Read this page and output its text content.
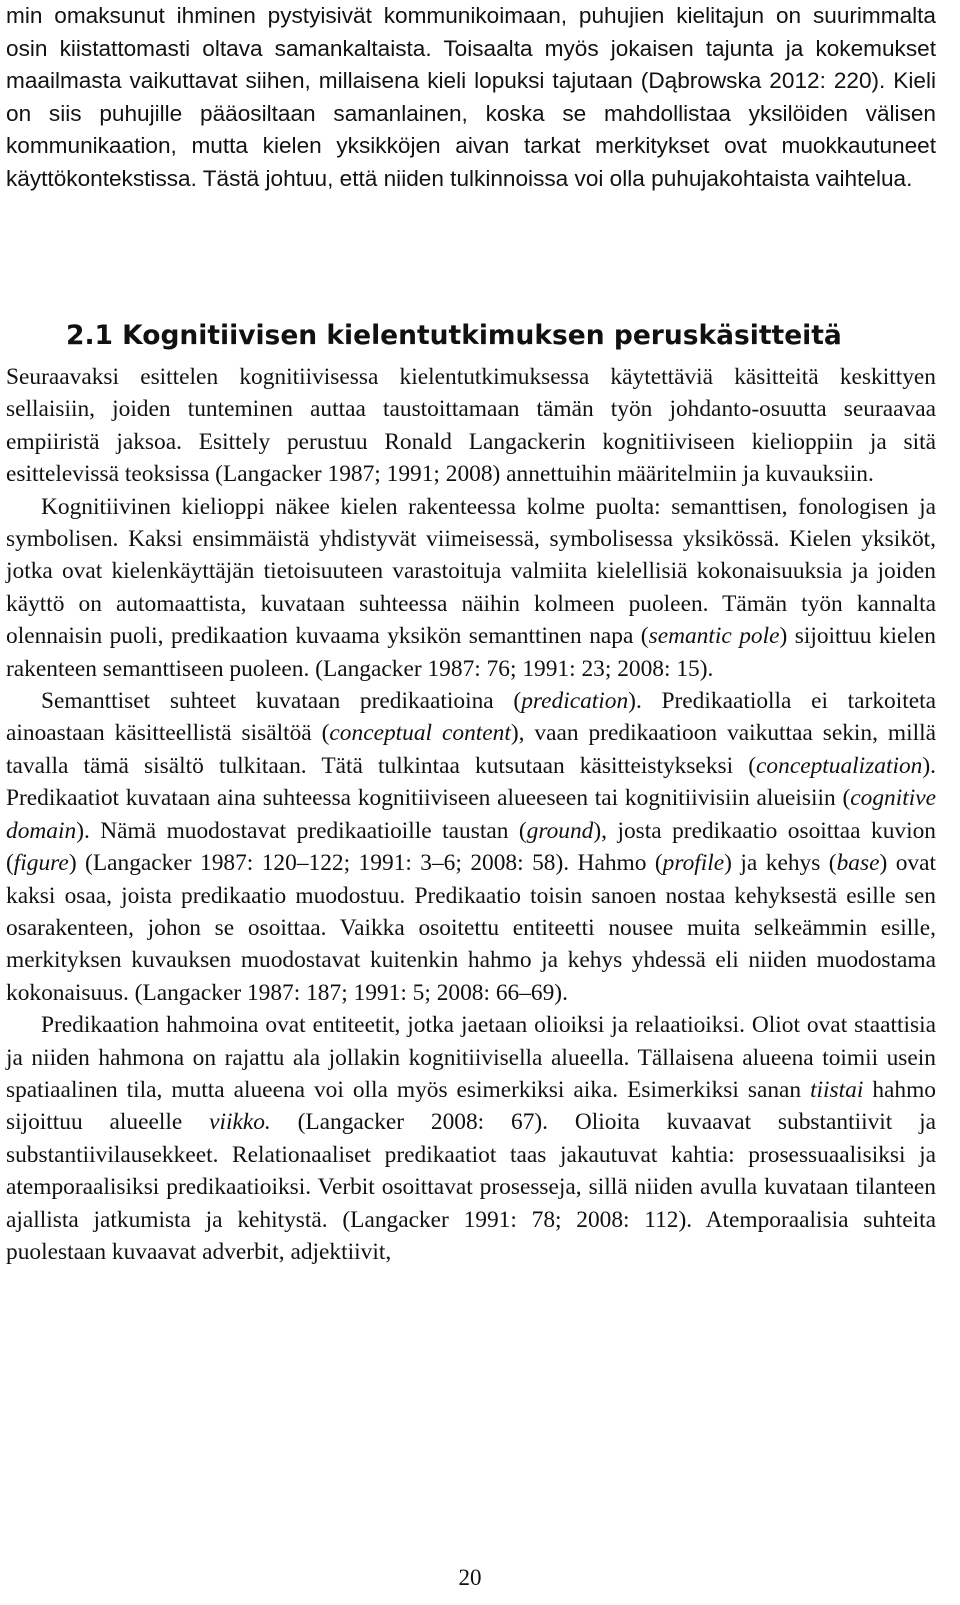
min omaksunut ihminen pystyisivät kommunikoimaan, puhujien kielitajun on suurimmalta osin kiistattomasti oltava samankaltaista. Toisaalta myös jokaisen tajunta ja kokemukset maailmasta vaikuttavat siihen, millaisena kieli lopuksi tajutaan (Dąbrowska 2012: 220). Kieli on siis puhujille pääosiltaan samanlainen, koska se mahdollistaa yksilöiden välisen kommunikaation, mutta kielen yksikköjen aivan tarkat merkitykset ovat muokkautuneet käyttökontekstissa. Tästä johtuu, että niiden tulkinnoissa voi olla puhujakohtaista vaihtelua.

2.1 Kognitiivisen kielentutkimuksen peruskäsitteitä

Seuraavaksi esittelen kognitiivisessa kielentutkimuksessa käytettäviä käsitteitä keskittyen sellaisiin, joiden tunteminen auttaa taustoittamaan tämän työn johdanto-osuutta seuraavaa empiiristä jaksoa. Esittely perustuu Ronald Langackerin kognitiiviseen kielioppiin ja sitä esittelevissä teoksissa (Langacker 1987; 1991; 2008) annettuihin määritelmiin ja kuvauksiin.

Kognitiivinen kielioppi näkee kielen rakenteessa kolme puolta: semanttisen, fonologisen ja symbolisen. Kaksi ensimmäistä yhdistyvät viimeisessä, symbolisessa yksikössä. Kielen yksiköt, jotka ovat kielenkäyttäjän tietoisuuteen varastoituja valmiita kielellisiä kokonaisuuksia ja joiden käyttö on automaattista, kuvataan suhteessa näihin kolmeen puoleen. Tämän työn kannalta olennaisin puoli, predikaation kuvaama yksikön semanttinen napa (semantic pole) sijoittuu kielen rakenteen semanttiseen puoleen. (Langacker 1987: 76; 1991: 23; 2008: 15).

Semanttiset suhteet kuvataan predikaatioina (predication). Predikaatiolla ei tarkoiteta ainoastaan käsitteellistä sisältöä (conceptual content), vaan predikaatioon vaikuttaa sekin, millä tavalla tämä sisältö tulkitaan. Tätä tulkintaa kutsutaan käsitteistykseksi (conceptualization). Predikaatiot kuvataan aina suhteessa kognitiiviseen alueeseen tai kognitiivisiin alueisiin (cognitive domain). Nämä muodostavat predikaatioille taustan (ground), josta predikaatio osoittaa kuvion (figure) (Langacker 1987: 120–122; 1991: 3–6; 2008: 58). Hahmo (profile) ja kehys (base) ovat kaksi osaa, joista predikaatio muodostuu. Predikaatio toisin sanoen nostaa kehyksestä esille sen osarakenteen, johon se osoittaa. Vaikka osoitettu entiteetti nousee muita selkeämmin esille, merkityksen kuvauksen muodostavat kuitenkin hahmo ja kehys yhdessä eli niiden muodostama kokonaisuus. (Langacker 1987: 187; 1991: 5; 2008: 66–69).

Predikaation hahmoina ovat entiteetit, jotka jaetaan olioiksi ja relaatioiksi. Oliot ovat staattisia ja niiden hahmona on rajattu ala jollakin kognitiivisella alueella. Tällaisena alueena toimii usein spatiaalinen tila, mutta alueena voi olla myös esimerkiksi aika. Esimerkiksi sanan tiistai hahmo sijoittuu alueelle viikko. (Langacker 2008: 67). Olioita kuvaavat substantiivit ja substantiivilausekkeet. Relationaaliset predikaatiot taas jakautuvat kahtia: prosessuaalisiksi ja atemporaalisiksi predikaatioiksi. Verbit osoittavat prosesseja, sillä niiden avulla kuvataan tilanteen ajallista jatkumista ja kehitystä. (Langacker 1991: 78; 2008: 112). Atemporaalisia suhteita puolestaan kuvaavat adverbit, adjektiivit,

20
